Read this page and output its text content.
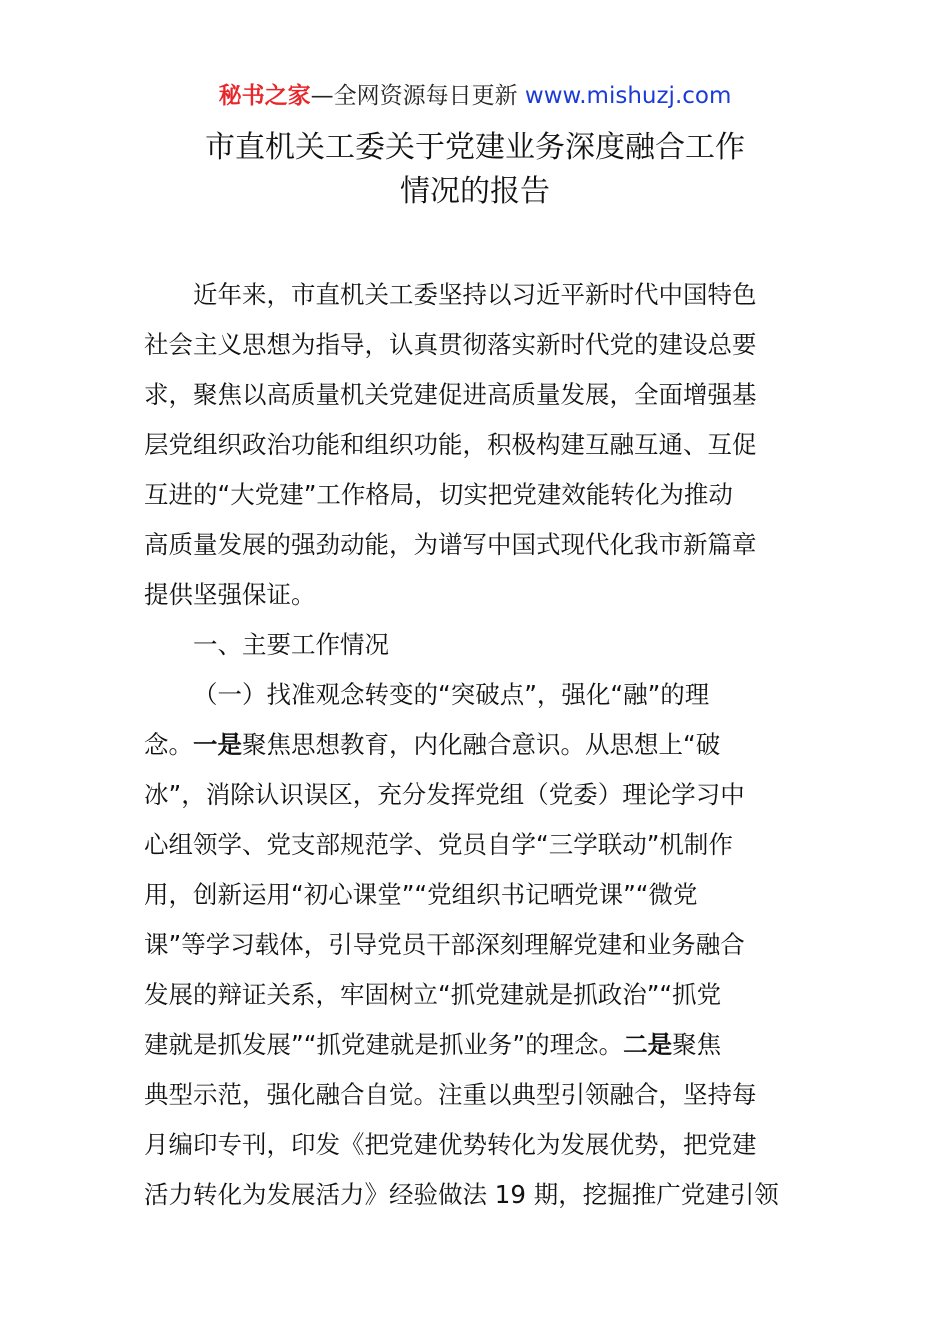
秘书之家—全网资源每日更新 www.mishuzj.com
市直机关工委关于党建业务深度融合工作
情况的报告
近年来，市直机关工委坚持以习近平新时代中国特色
社会主义思想为指导，认真贯彻落实新时代党的建设总要
求，聚焦以高质量机关党建促进高质量发展，全面增强基
层党组织政治功能和组织功能，积极构建互融互通、互促
互进的“大党建”工作格局，切实把党建效能转化为推动
高质量发展的强劲动能，为谱写中国式现代化我市新篇章
提供坚强保证。
一、主要工作情况
（一）找准观念转变的“突破点”，强化“融”的理
念。一是聚焦思想教育，内化融合意识。从思想上“破
冰”，消除认识误区，充分发挥党组（党委）理论学习中
心组领学、党支部规范学、党员自学“三学联动”机制作
用，创新运用“初心课堂”“党组织书记晒党课”“微党
课”等学习载体，引导党员干部深刻理解党建和业务融合
发展的辩证关系，牢固树立“抓党建就是抓政治”“抓党
建就是抓发展”“抓党建就是抓业务”的理念。二是聚焦
典型示范，强化融合自觉。注重以典型引领融合，坚持每
月编印专刊，印发《把党建优势转化为发展优势，把党建
活力转化为发展活力》经验做法 19 期，挖掘推广党建引领
